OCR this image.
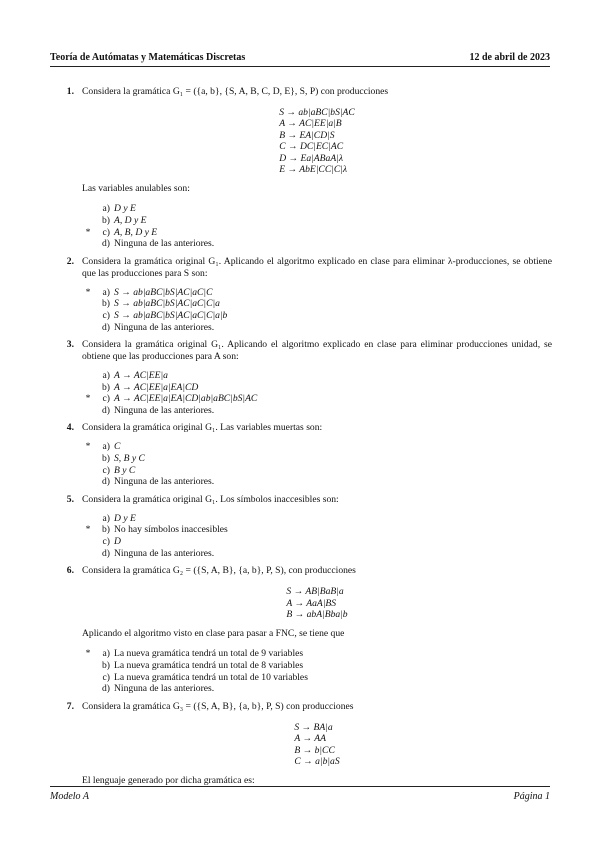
Teoría de Autómatas y Matemáticas Discretas	12 de abril de 2023
1. Considera la gramática G₁ = ({a, b}, {S, A, B, C, D, E}, S, P) con producciones
S → ab|aBC|bS|AC
A → AC|EE|a|B
B → EA|CD|S
C → DC|EC|AC
D → Ea|ABaA|λ
E → AbE|CC|C|λ
Las variables anulables son:
a) D y E
b) A, D y E
*	c) A, B, D y E
d) Ninguna de las anteriores.
2. Considera la gramática original G₁. Aplicando el algoritmo explicado en clase para eliminar λ-producciones, se obtiene que las producciones para S son:
*	a) S → ab|aBC|bS|AC|aC|C
b) S → ab|aBC|bS|AC|aC|C|a
c) S → ab|aBC|bS|AC|aC|C|a|b
d) Ninguna de las anteriores.
3. Considera la gramática original G₁. Aplicando el algoritmo explicado en clase para eliminar producciones unidad, se obtiene que las producciones para A son:
a) A → AC|EE|a
b) A → AC|EE|a|EA|CD
*	c) A → AC|EE|a|EA|CD|ab|aBC|bS|AC
d) Ninguna de las anteriores.
4. Considera la gramática original G₁. Las variables muertas son:
*	a) C
b) S, B y C
c) B y C
d) Ninguna de las anteriores.
5. Considera la gramática original G₁. Los símbolos inaccesibles son:
a) D y E
*	b) No hay símbolos inaccesibles
c) D
d) Ninguna de las anteriores.
6. Considera la gramática G₂ = ({S, A, B}, {a, b}, P, S), con producciones
S → AB|BaB|a
A → AaA|BS
B → abA|Bba|b
Aplicando el algoritmo visto en clase para pasar a FNC, se tiene que
*	a) La nueva gramática tendrá un total de 9 variables
b) La nueva gramática tendrá un total de 8 variables
c) La nueva gramática tendrá un total de 10 variables
d) Ninguna de las anteriores.
7. Considera la gramática G₃ = ({S, A, B}, {a, b}, P, S) con producciones
S → BA|a
A → AA
B → b|CC
C → a|b|aS
El lenguaje generado por dicha gramática es:
Modelo A	Página 1
